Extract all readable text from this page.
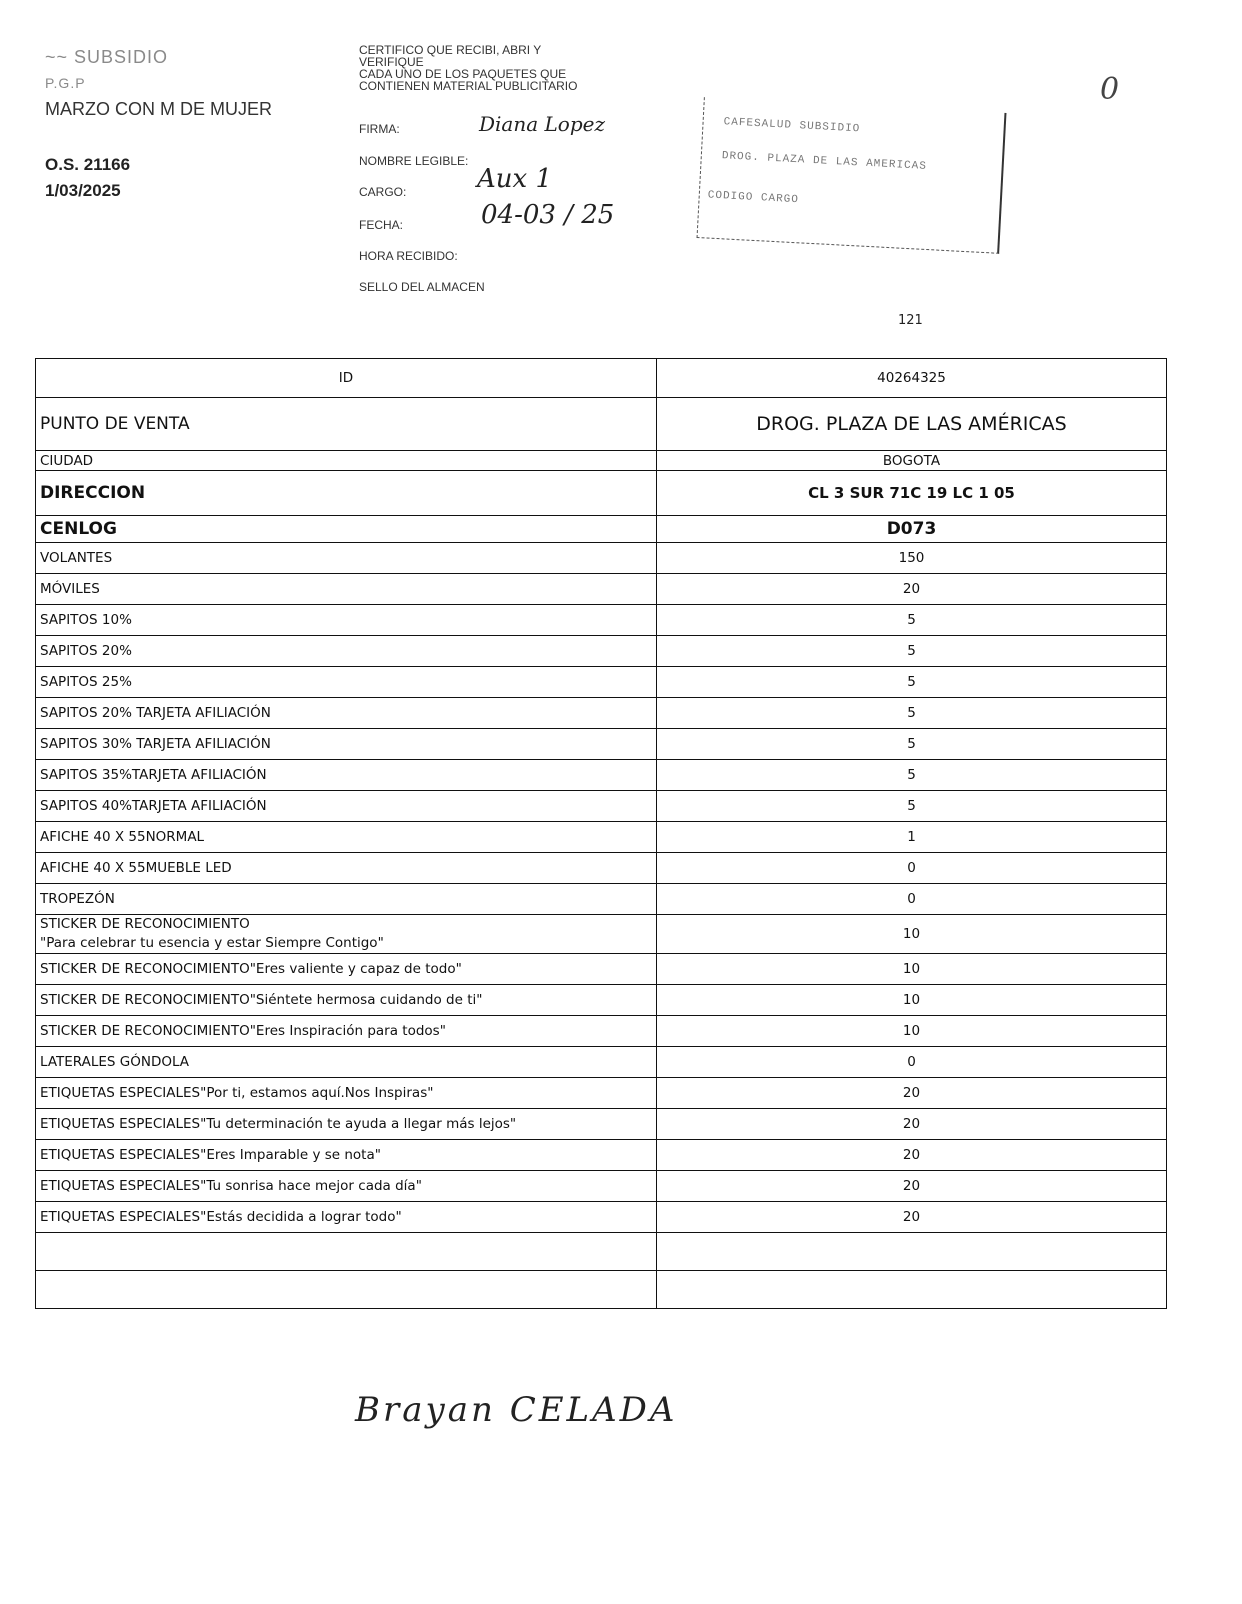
~~ SUBSIDIO
P.G.P
MARZO CON M DE MUJER
O.S. 21166
1/03/2025
CERTIFICO QUE RECIBI, ABRI Y
VERIFIQUE
CADA UNO DE LOS PAQUETES QUE
CONTIENEN MATERIAL PUBLICITARIO
FIRMA:	Diana Lopez
NOMBRE LEGIBLE:
CARGO:	Aux 1
FECHA:	04-03 / 25
HORA RECIBIDO:
SELLO DEL ALMACEN
CAFESALUD SUBSIDIO
DROG. PLAZA DE LAS AMERICAS
CODIGO CARGO
0
121
ID	40264325
PUNTO DE VENTA	DROG. PLAZA DE LAS AMÉRICAS
CIUDAD	BOGOTA
DIRECCION	CL 3 SUR 71C 19 LC 1 05
CENLOG	D073
VOLANTES	150
MÓVILES	20
SAPITOS 10%	5
SAPITOS 20%	5
SAPITOS 25%	5
SAPITOS 20% TARJETA AFILIACIÓN	5
SAPITOS 30% TARJETA AFILIACIÓN	5
SAPITOS 35%TARJETA AFILIACIÓN	5
SAPITOS 40%TARJETA AFILIACIÓN	5
AFICHE 40 X 55NORMAL	1
AFICHE 40 X 55MUEBLE LED	0
TROPEZÓN	0

STICKER DE RECONOCIMIENTO
"Para celebrar tu esencia y estar Siempre Contigo"	10
STICKER DE RECONOCIMIENTO"Eres valiente y capaz de todo"	10
STICKER DE RECONOCIMIENTO"Siéntete hermosa cuidando de ti"	10
STICKER DE RECONOCIMIENTO"Eres Inspiración para todos"	10
LATERALES GÓNDOLA	0
ETIQUETAS ESPECIALES"Por ti, estamos aquí.Nos Inspiras"	20
ETIQUETAS ESPECIALES"Tu determinación te ayuda a llegar más lejos"	20
ETIQUETAS ESPECIALES"Eres Imparable y se nota"	20
ETIQUETAS ESPECIALES"Tu sonrisa hace mejor cada día"	20
ETIQUETAS ESPECIALES"Estás decidida a lograr todo"	20

Brayan CELADA
